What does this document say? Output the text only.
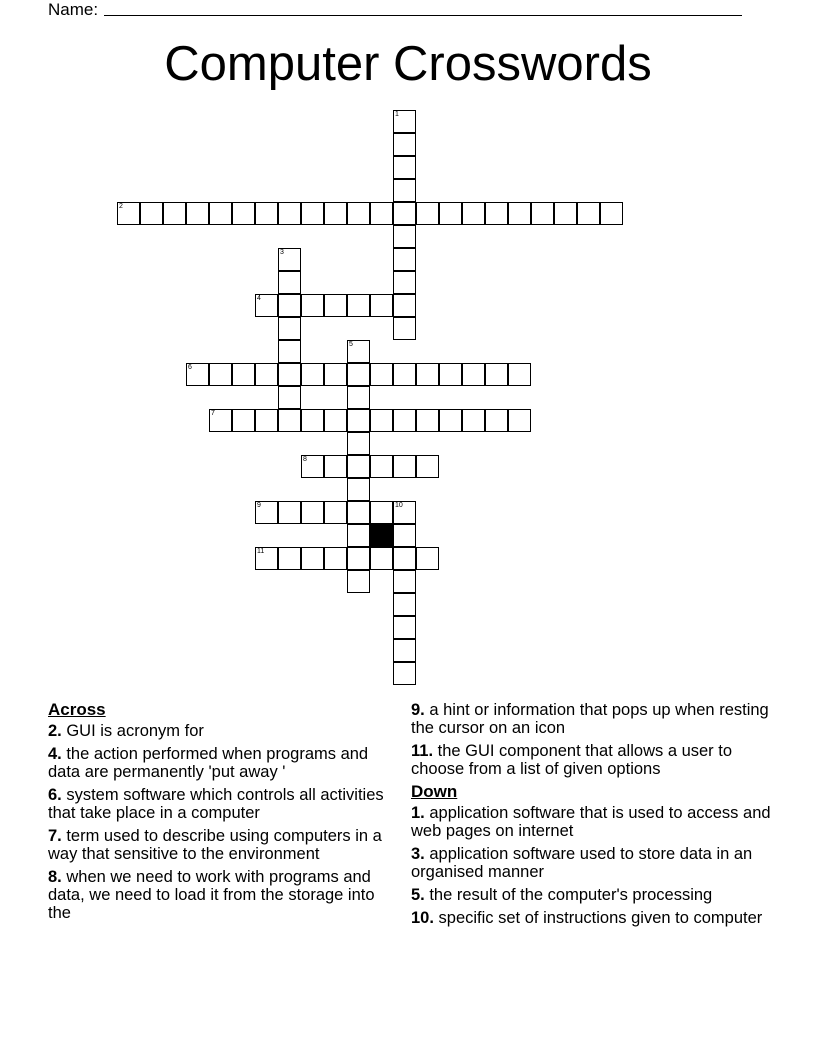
Name:
Computer Crosswords
1
2
3
4
5
6
7
8
9	10
11
Across
2. GUI is acronym for
4. the action performed when programs and data are permanently 'put away '
6. system software which controls all activities that take place in a computer
7. term used to describe using computers in a way that sensitive to the environment
8. when we need to work with programs and data, we need to load it from the storage into the
9. a hint or information that pops up when resting the cursor on an icon
11. the GUI component that allows a user to choose from a list of given options
Down
1. application software that is used to access and web pages on internet
3. application software used to store data in an organised manner
5. the result of the computer's processing
10. specific set of instructions given to computer
